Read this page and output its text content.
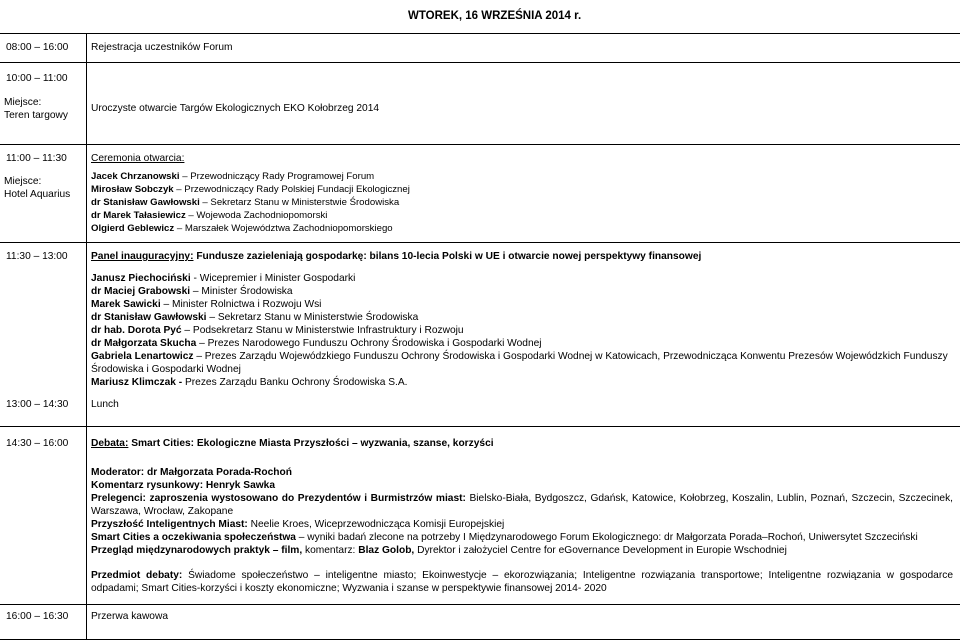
WTOREK, 16 WRZEŚNIA 2014 r.
08:00 – 16:00 Rejestracja uczestników Forum
10:00 – 11:00
Miejsce:
Teren targowy
Uroczyste otwarcie Targów Ekologicznych EKO Kołobrzeg 2014
11:00 – 11:30
Miejsce:
Hotel Aquarius
Ceremonia otwarcia:
Jacek Chrzanowski – Przewodniczący Rady Programowej Forum
Mirosław Sobczyk – Przewodniczący Rady Polskiej Fundacji Ekologicznej
dr Stanisław Gawłowski – Sekretarz Stanu w Ministerstwie Środowiska
dr Marek Tałasiewicz – Wojewoda Zachodniopomorski
Olgierd Geblewicz – Marszałek Województwa Zachodniopomorskiego
11:30 – 13:00 Panel inauguracyjny: Fundusze zazieleniają gospodarkę: bilans 10-lecia Polski w UE i otwarcie nowej perspektywy finansowej
Janusz Piechociński - Wicepremier i Minister Gospodarki
dr Maciej Grabowski – Minister Środowiska
Marek Sawicki – Minister Rolnictwa i Rozwoju Wsi
dr Stanisław Gawłowski – Sekretarz Stanu w Ministerstwie Środowiska
dr hab. Dorota Pyć – Podsekretarz Stanu w Ministerstwie Infrastruktury i Rozwoju
dr Małgorzata Skucha – Prezes Narodowego Funduszu Ochrony Środowiska i Gospodarki Wodnej
Gabriela Lenartowicz – Prezes Zarządu Wojewódzkiego Funduszu Ochrony Środowiska i Gospodarki Wodnej w Katowicach, Przewodnicząca Konwentu Prezesów Wojewódzkich Funduszy Środowiska i Gospodarki Wodnej
Mariusz Klimczak - Prezes Zarządu Banku Ochrony Środowiska S.A.
13:00 – 14:30 Lunch
14:30 – 16:00 Debata: Smart Cities: Ekologiczne Miasta Przyszłości – wyzwania, szanse, korzyści
Moderator: dr Małgorzata Porada-Rochoń
Komentarz rysunkowy: Henryk Sawka
Prelegenci: zaproszenia wystosowano do Prezydentów i Burmistrzów miast: Bielsko-Biała, Bydgoszcz, Gdańsk, Katowice, Kołobrzeg, Koszalin, Lublin, Poznań, Szczecin, Szczecinek, Warszawa, Wrocław, Zakopane
Przyszłość Inteligentnych Miast: Neelie Kroes, Wiceprzewodnicząca Komisji Europejskiej
Smart Cities a oczekiwania społeczeństwa – wyniki badań zlecone na potrzeby I Międzynarodowego Forum Ekologicznego: dr Małgorzata Porada–Rochoń, Uniwersytet Szczeciński
Przegląd międzynarodowych praktyk – film, komentarz: Blaz Golob, Dyrektor i założyciel Centre for eGovernance Development in Europie Wschodniej
Przedmiot debaty: Świadome społeczeństwo – inteligentne miasto; Ekoinwestycje – ekorozwiązania; Inteligentne rozwiązania transportowe; Inteligentne rozwiązania w gospodarce odpadami; Smart Cities-korzyści i koszty ekonomiczne; Wyzwania i szanse w perspektywie finansowej 2014- 2020
16:00 – 16:30 Przerwa kawowa
